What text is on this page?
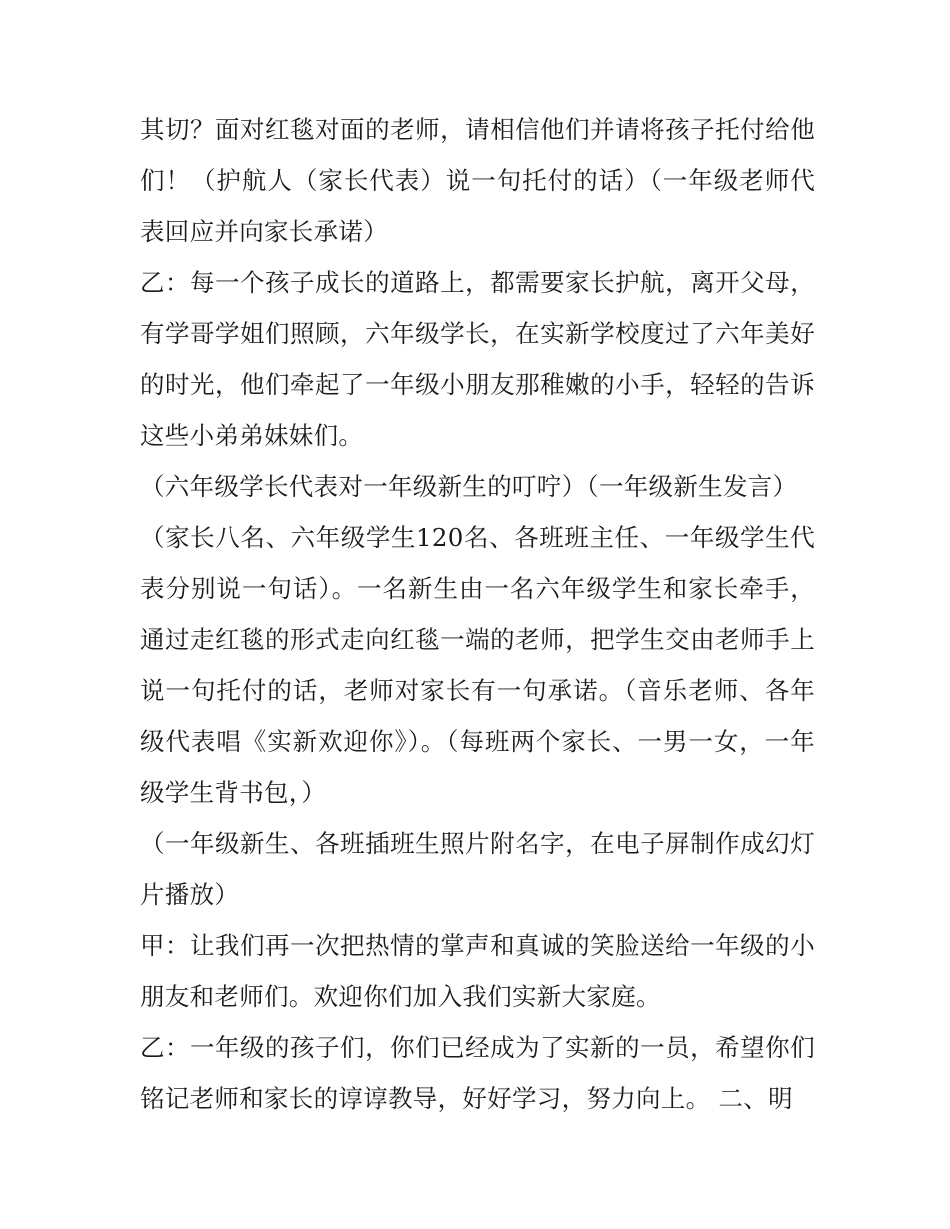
其切？面对红毯对面的老师，请相信他们并请将孩子托付给他们！（护航人（家长代表）说一句托付的话）（一年级老师代表回应并向家长承诺）

乙：每一个孩子成长的道路上，都需要家长护航，离开父母，有学哥学姐们照顾，六年级学长，在实新学校度过了六年美好的时光，他们牵起了一年级小朋友那稚嫩的小手，轻轻的告诉这些小弟弟妹妹们。

（六年级学长代表对一年级新生的叮咛）（一年级新生发言）

（家长八名、六年级学生120名、各班班主任、一年级学生代表分别说一句话）。一名新生由一名六年级学生和家长牵手，通过走红毯的形式走向红毯一端的老师，把学生交由老师手上说一句托付的话，老师对家长有一句承诺。（音乐老师、各年级代表唱《实新欢迎你》）。（每班两个家长、一男一女，一年级学生背书包，）

（一年级新生、各班插班生照片附名字，在电子屏制作成幻灯片播放）

甲：让我们再一次把热情的掌声和真诚的笑脸送给一年级的小朋友和老师们。欢迎你们加入我们实新大家庭。

乙：一年级的孩子们，你们已经成为了实新的一员，希望你们铭记老师和家长的谆谆教导，好好学习，努力向上。 二、明
